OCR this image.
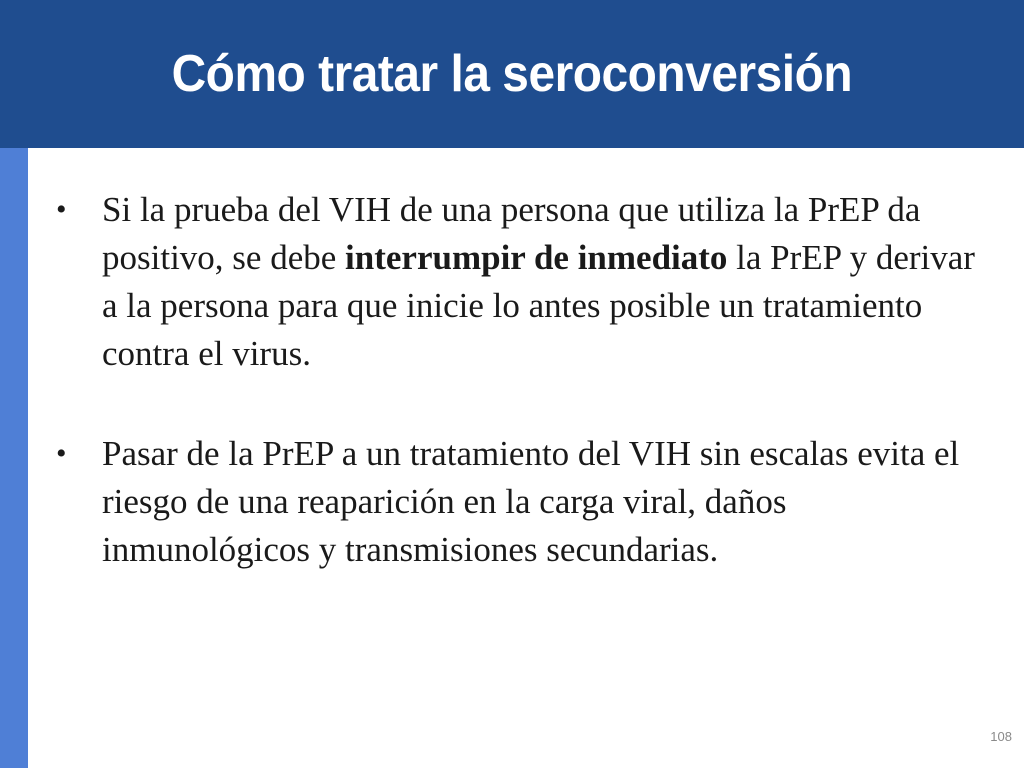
Cómo tratar la seroconversión
•	Si la prueba del VIH de una persona que utiliza la PrEP da positivo, se debe interrumpir de inmediato la PrEP y derivar a la persona para que inicie lo antes posible un tratamiento contra el virus.
•	Pasar de la PrEP a un tratamiento del VIH sin escalas evita el riesgo de una reaparición en la carga viral, daños inmunológicos y transmisiones secundarias.
108
